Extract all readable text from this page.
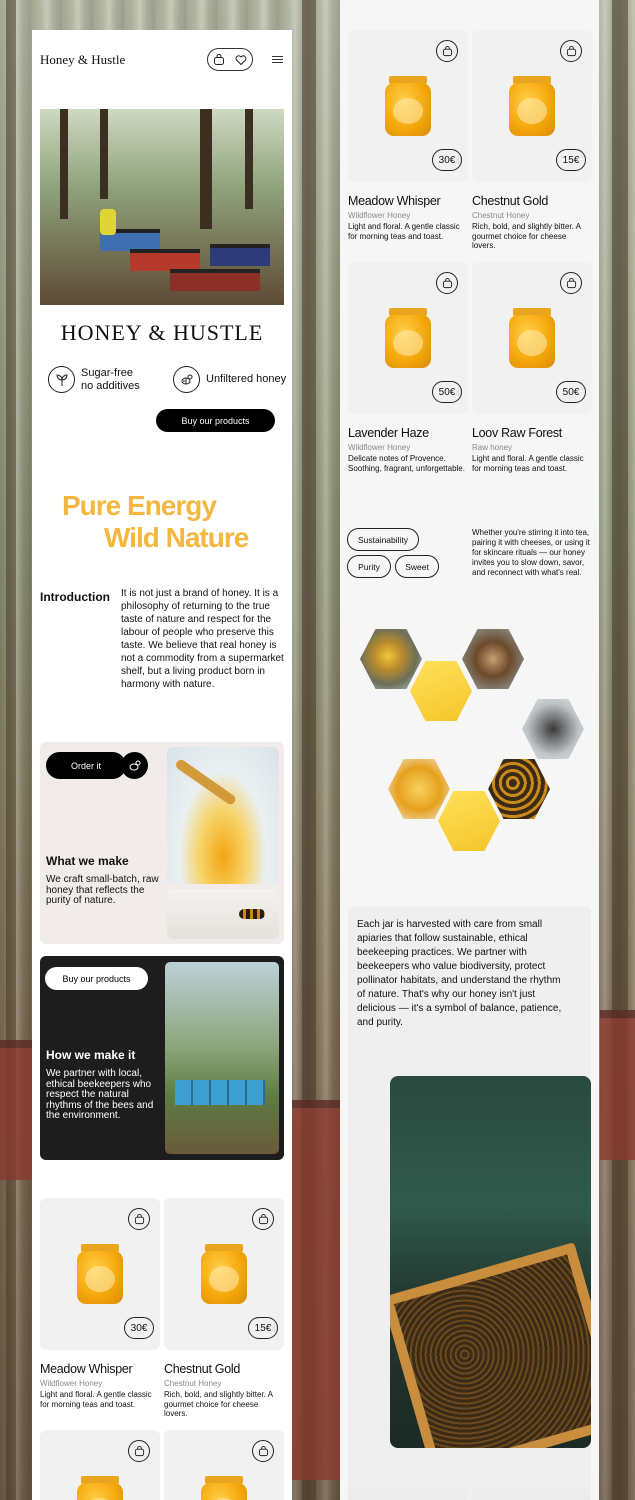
Honey & Hustle
HONEY & HUSTLE
Sugar-free
no additives
Unfiltered honey
Buy our products
Pure Energy
Wild Nature
Introduction It is not just a brand of honey. It is a philosophy of returning to the true taste of nature and respect for the labour of people who preserve this taste. We believe that real honey is not a commodity from a supermarket shelf, but a living product born in harmony with nature.
Order it
What we make
We craft small-batch, raw honey that reflects the purity of nature.
Buy our products
How we make it
We partner with local, ethical beekeepers who respect the natural rhythms of the bees and the environment.
30€
Meadow Whisper
Wildflower Honey
Light and floral. A gentle classic for morning teas and toast.
15€
Chestnut Gold
Chestnut Honey
Rich, bold, and slightly bitter. A gourmet choice for cheese lovers.
30€
Meadow Whisper
Wildflower Honey
Light and floral. A gentle classic for morning teas and toast.
15€
Chestnut Gold
Chestnut Honey
Rich, bold, and slightly bitter. A gourmet choice for cheese lovers.
50€
Lavender Haze
Wildflower Honey
Delicate notes of Provence. Soothing, fragrant, unforgettable.
50€
Loov Raw Forest
Raw honey
Light and floral. A gentle classic for morning teas and toast.
Sustainability
Purity	Sweet
Whether you're stirring it into tea, pairing it with cheeses, or using it for skincare rituals — our honey invites you to slow down, savor, and reconnect with what's real.
Each jar is harvested with care from small apiaries that follow sustainable, ethical beekeeping practices. We partner with beekeepers who value biodiversity, protect pollinator habitats, and understand the rhythm of nature. That's why our honey isn't just delicious — it's a symbol of balance, patience, and purity.
